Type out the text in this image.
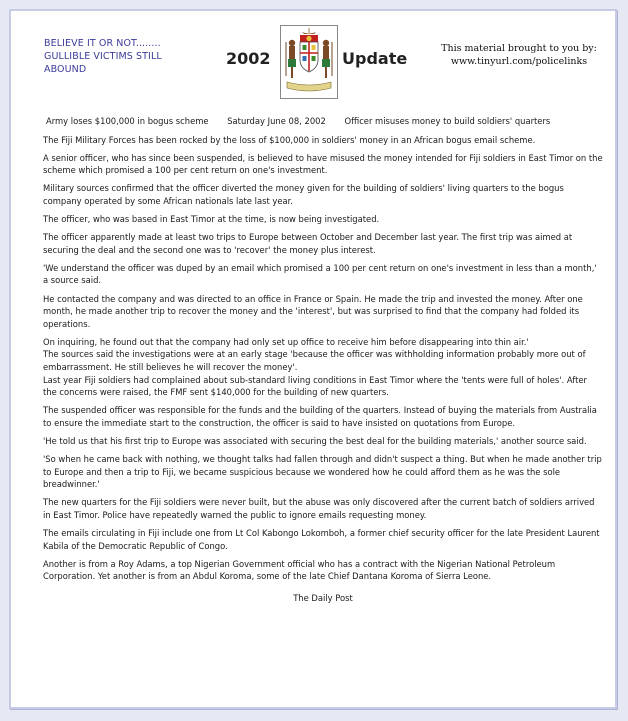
BELIEVE IT OR NOT........ GULLIBLE VICTIMS STILL ABOUND
2002	Update
This material brought to you by:
www.tinyurl.com/policelinks
Army loses $100,000 in bogus scheme Saturday June 08, 2002 Officer misuses money to build soldiers' quarters

The Fiji Military Forces has been rocked by the loss of $100,000 in soldiers' money in an African bogus email scheme.

A senior officer, who has since been suspended, is believed to have misused the money intended for Fiji soldiers in East Timor on the scheme which promised a 100 per cent return on one's investment.

Military sources confirmed that the officer diverted the money given for the building of soldiers' living quarters to the bogus company operated by some African nationals late last year.

The officer, who was based in East Timor at the time, is now being investigated.

The officer apparently made at least two trips to Europe between October and December last year. The first trip was aimed at securing the deal and the second one was to 'recover' the money plus interest.

'We understand the officer was duped by an email which promised a 100 per cent return on one's investment in less than a month,' a source said.

He contacted the company and was directed to an office in France or Spain. He made the trip and invested the money. After one month, he made another trip to recover the money and the 'interest', but was surprised to find that the company had folded its operations.

On inquiring, he found out that the company had only set up office to receive him before disappearing into thin air.'

The sources said the investigations were at an early stage 'because the officer was withholding information probably more out of embarrassment. He still believes he will recover the money'.

Last year Fiji soldiers had complained about sub-standard living conditions in East Timor where the 'tents were full of holes'. After the concerns were raised, the FMF sent $140,000 for the building of new quarters.

The suspended officer was responsible for the funds and the building of the quarters. Instead of buying the materials from Australia to ensure the immediate start to the construction, the officer is said to have insisted on quotations from Europe.

'He told us that his first trip to Europe was associated with securing the best deal for the building materials,' another source said.

'So when he came back with nothing, we thought talks had fallen through and didn't suspect a thing. But when he made another trip to Europe and then a trip to Fiji, we became suspicious because we wondered how he could afford them as he was the sole breadwinner.'

The new quarters for the Fiji soldiers were never built, but the abuse was only discovered after the current batch of soldiers arrived in East Timor. Police have repeatedly warned the public to ignore emails requesting money.

The emails circulating in Fiji include one from Lt Col Kabongo Lokomboh, a former chief security officer for the late President Laurent Kabila of the Democratic Republic of Congo.

Another is from a Roy Adams, a top Nigerian Government official who has a contract with the Nigerian National Petroleum Corporation. Yet another is from an Abdul Koroma, some of the late Chief Dantana Koroma of Sierra Leone.

The Daily Post
